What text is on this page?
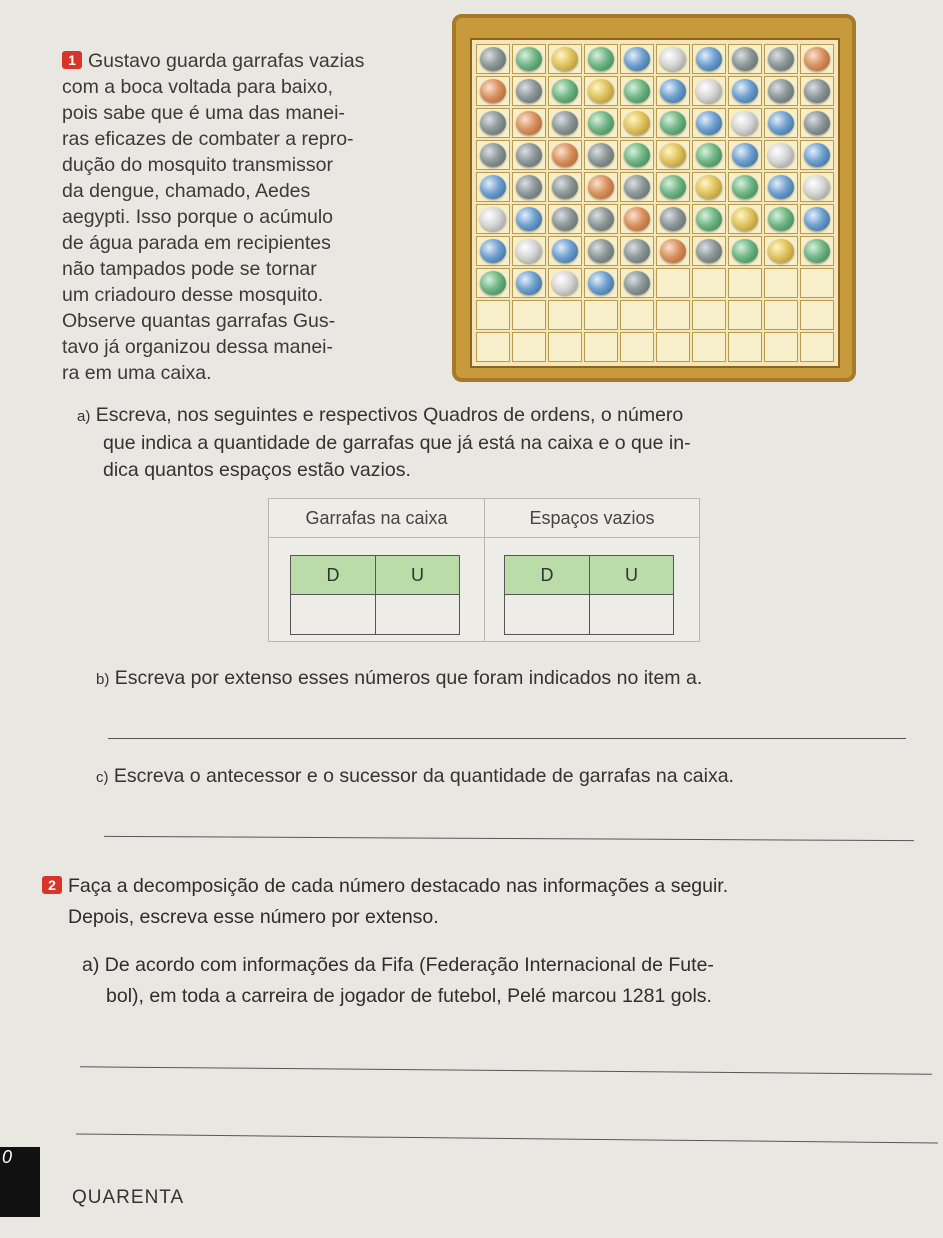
1 Gustavo guarda garrafas vazias

com a boca voltada para baixo,

pois sabe que é uma das manei-

ras eficazes de combater a repro-

dução do mosquito transmissor

da dengue, chamado, Aedes

aegypti. Isso porque o acúmulo

de água parada em recipientes

não tampados pode se tornar

um criadouro desse mosquito.

Observe quantas garrafas Gus-

tavo já organizou dessa manei-

ra em uma caixa.

a) Escreva, nos seguintes e respectivos Quadros de ordens, o número
que indica a quantidade de garrafas que já está na caixa e o que in-
dica quantos espaços estão vazios.
Garrafas na caixa	Espaços vazios
D	U	D	U
b) Escreva por extenso esses números que foram indicados no item a.
c) Escreva o antecessor e o sucessor da quantidade de garrafas na caixa.
2 Faça a decomposição de cada número destacado nas informações a seguir.
Depois, escreva esse número por extenso.
a) De acordo com informações da Fifa (Federação Internacional de Fute-
bol), em toda a carreira de jogador de futebol, Pelé marcou 1281 gols.
0
QUARENTA
